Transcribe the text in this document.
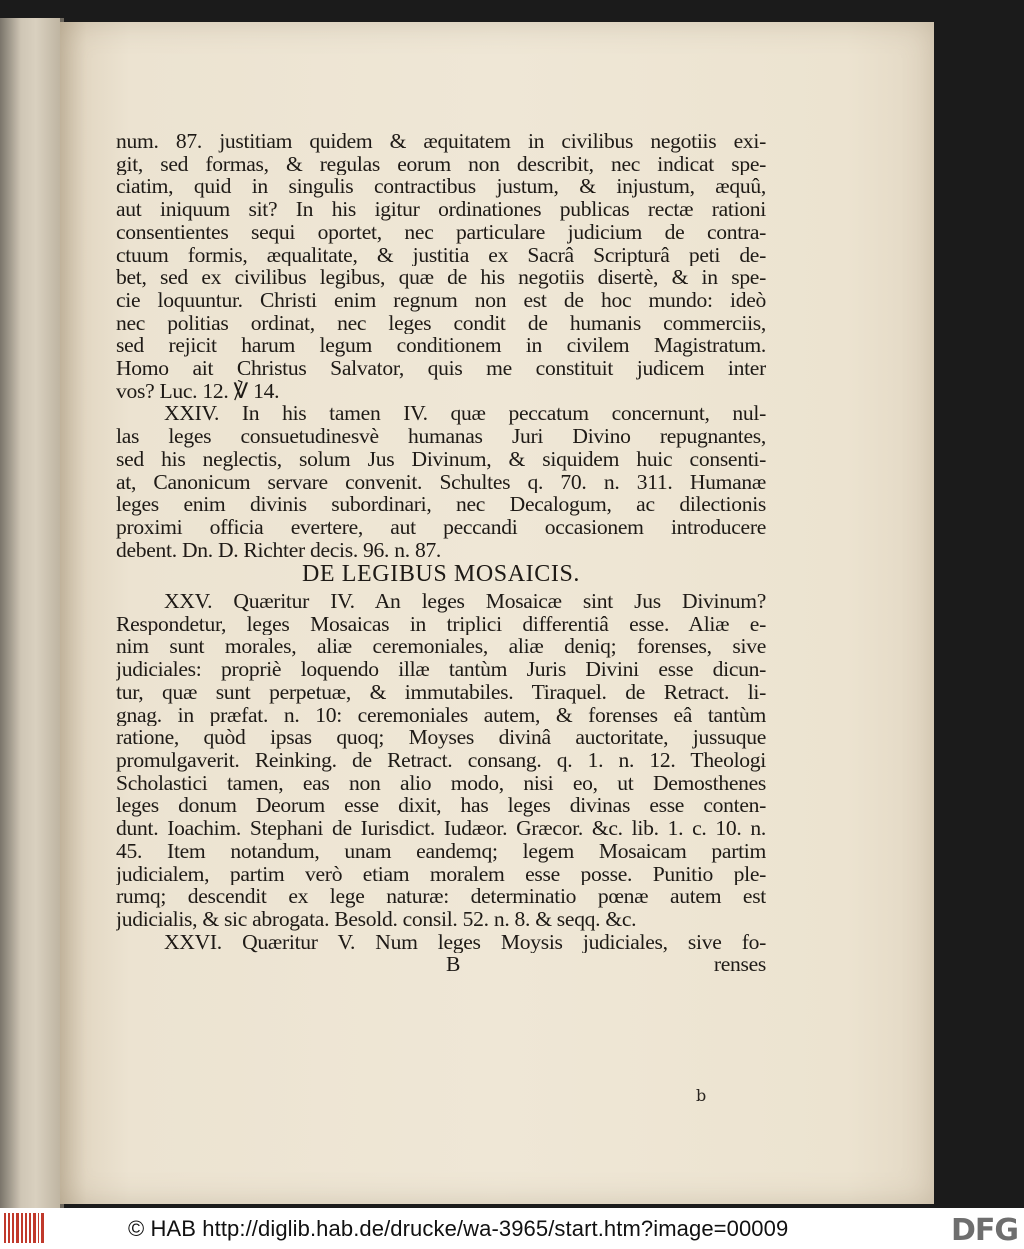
num. 87. justitiam quidem & æquitatem in civilibus negotiis exi-
git, sed formas, & regulas eorum non describit, nec indicat spe-
ciatim, quid in singulis contractibus justum, & injustum, æquû,
aut iniquum sit? In his igitur ordinationes publicas rectæ rationi
consentientes sequi oportet, nec particulare judicium de contra-
ctuum formis, æqualitate, & justitia ex Sacrâ Scripturâ peti de-
bet, sed ex civilibus legibus, quæ de his negotiis disertè, & in spe-
cie loquuntur. Christi enim regnum non est de hoc mundo: ideò
nec politias ordinat, nec leges condit de humanis commerciis,
sed rejicit harum legum conditionem in civilem Magistratum.
Homo ait Christus Salvator, quis me constituit judicem inter
vos? Luc. 12. ℣ 14.
XXIV. In his tamen IV. quæ peccatum concernunt, nul-
las leges consuetudinesvè humanas Juri Divino repugnantes,
sed his neglectis, solum Jus Divinum, & siquidem huic consenti-
at, Canonicum servare convenit. Schultes q. 70. n. 311. Humanæ
leges enim divinis subordinari, nec Decalogum, ac dilectionis
proximi officia evertere, aut peccandi occasionem introducere
debent. Dn. D. Richter decis. 96. n. 87.
DE LEGIBUS MOSAICIS.
XXV. Quæritur IV. An leges Mosaicæ sint Jus Divinum?
Respondetur, leges Mosaicas in triplici differentiâ esse. Aliæ e-
nim sunt morales, aliæ ceremoniales, aliæ deniq; forenses, sive
judiciales: propriè loquendo illæ tantùm Juris Divini esse dicun-
tur, quæ sunt perpetuæ, & immutabiles. Tiraquel. de Retract. li-
gnag. in præfat. n. 10: ceremoniales autem, & forenses eâ tantùm
ratione, quòd ipsas quoq; Moyses divinâ auctoritate, jussuque
promulgaverit. Reinking. de Retract. consang. q. 1. n. 12. Theologi
Scholastici tamen, eas non alio modo, nisi eo, ut Demosthenes
leges donum Deorum esse dixit, has leges divinas esse conten-
dunt. Ioachim. Stephani de Iurisdict. Iudæor. Græcor. &c. lib. 1. c. 10. n.
45. Item notandum, unam eandemq; legem Mosaicam partim
judicialem, partim verò etiam moralem esse posse. Punitio ple-
rumq; descendit ex lege naturæ: determinatio pœnæ autem est
judicialis, & sic abrogata. Besold. consil. 52. n. 8. & seqq. &c.
XXVI. Quæritur V. Num leges Moysis judiciales, sive fo-
B	renses
b
© HAB http://diglib.hab.de/drucke/wa-3965/start.htm?image=00009	DFG
